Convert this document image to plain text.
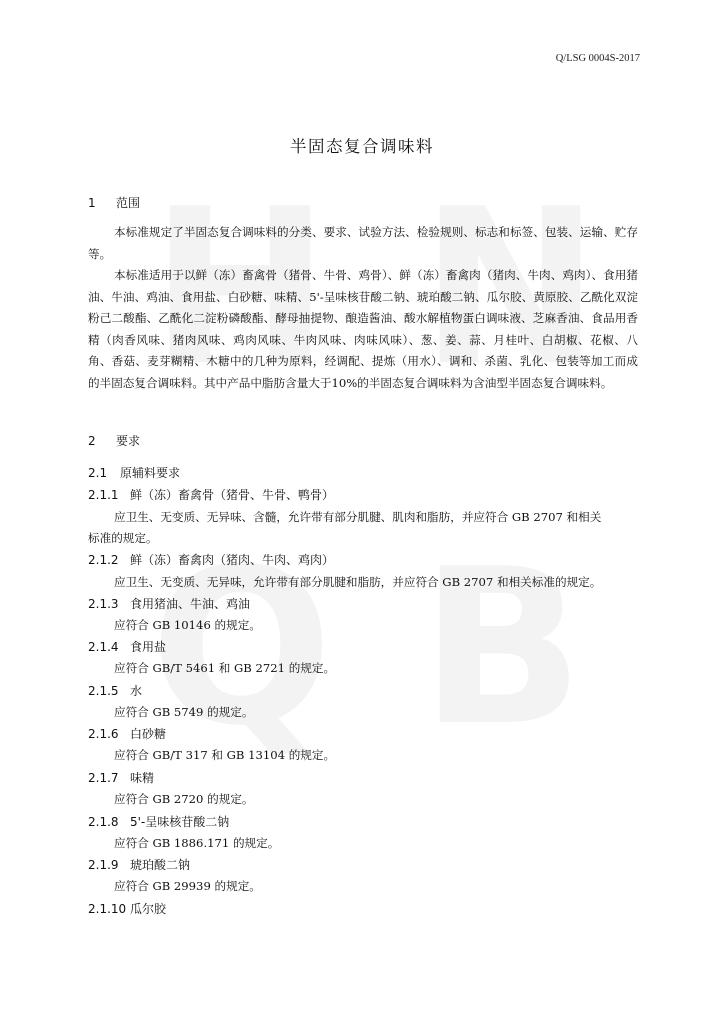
Q/LSG 0004S-2017
半固态复合调味料
1 范围
本标准规定了半固态复合调味料的分类、要求、试验方法、检验规则、标志和标签、包装、运输、贮存等。
本标准适用于以鲜（冻）畜禽骨（猪骨、牛骨、鸡骨）、鲜（冻）畜禽肉（猪肉、牛肉、鸡肉）、食用猪油、牛油、鸡油、食用盐、白砂糖、味精、5'-呈味核苷酸二钠、琥珀酸二钠、瓜尔胶、黄原胶、乙酰化双淀粉己二酸酯、乙酰化二淀粉磷酸酯、酵母抽提物、酿造酱油、酸水解植物蛋白调味液、芝麻香油、食品用香精（肉香风味、猪肉风味、鸡肉风味、牛肉风味、肉味风味）、葱、姜、蒜、月桂叶、白胡椒、花椒、八角、香菇、麦芽糊精、木糖中的几种为原料，经调配、提炼（用水）、调和、杀菌、乳化、包装等加工而成的半固态复合调味料。其中产品中脂肪含量大于10%的半固态复合调味料为含油型半固态复合调味料。
2 要求
2.1 原辅料要求
2.1.1 鲜（冻）畜禽骨（猪骨、牛骨、鸭骨）
应卫生、无变质、无异味、含髓，允许带有部分肌腱、肌肉和脂肪，并应符合 GB 2707 和相关
标准的规定。
2.1.2 鲜（冻）畜禽肉（猪肉、牛肉、鸡肉）
应卫生、无变质、无异味，允许带有部分肌腱和脂肪，并应符合 GB 2707 和相关标准的规定。
2.1.3 食用猪油、牛油、鸡油
应符合 GB 10146 的规定。
2.1.4 食用盐
应符合 GB/T 5461 和 GB 2721 的规定。
2.1.5 水
应符合 GB 5749 的规定。
2.1.6 白砂糖
应符合 GB/T 317 和 GB 13104 的规定。
2.1.7 味精
应符合 GB 2720 的规定。
2.1.8 5'-呈味核苷酸二钠
应符合 GB 1886.171 的规定。
2.1.9 琥珀酸二钠
应符合 GB 29939 的规定。
2.1.10 瓜尔胶
